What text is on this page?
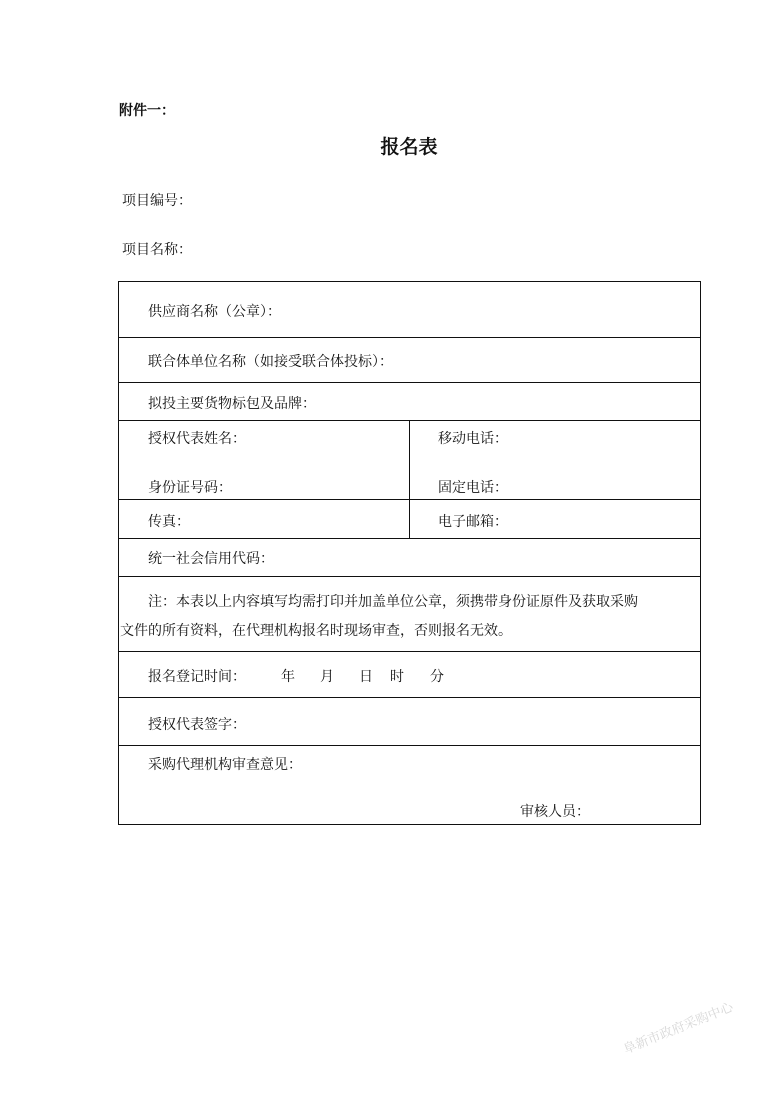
附件一：
报名表
项目编号：
项目名称：
供应商名称（公章）：
联合体单位名称（如接受联合体投标）：
拟投主要货物标包及品牌：
授权代表姓名：	移动电话：
身份证号码：	固定电话：
传真：	电子邮箱：
统一社会信用代码：
注：本表以上内容填写均需打印并加盖单位公章，须携带身份证原件及获取采购
文件的所有资料，在代理机构报名时现场审查，否则报名无效。
报名登记时间：	年 月 日 时 分
授权代表签字：
采购代理机构审查意见：
审核人员：
阜新市政府采购中心
